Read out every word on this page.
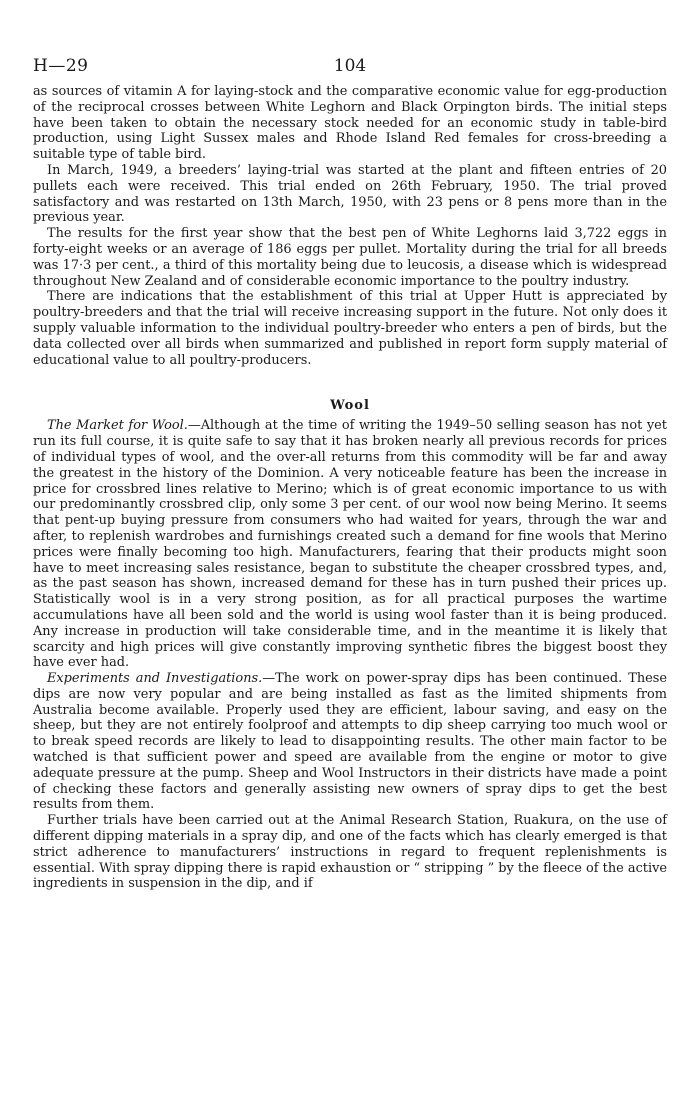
H—29	104

as sources of vitamin A for laying-stock and the comparative economic value for egg-production of the reciprocal crosses between White Leghorn and Black Orpington birds. The initial steps have been taken to obtain the necessary stock needed for an economic study in table-bird production, using Light Sussex males and Rhode Island Red females for cross-breeding a suitable type of table bird.

In March, 1949, a breeders’ laying-trial was started at the plant and fifteen entries of 20 pullets each were received. This trial ended on 26th February, 1950. The trial proved satisfactory and was restarted on 13th March, 1950, with 23 pens or 8 pens more than in the previous year.

The results for the first year show that the best pen of White Leghorns laid 3,722 eggs in forty-eight weeks or an average of 186 eggs per pullet. Mortality during the trial for all breeds was 17·3 per cent., a third of this mortality being due to leucosis, a disease which is widespread throughout New Zealand and of considerable economic importance to the poultry industry.

There are indications that the establishment of this trial at Upper Hutt is appreciated by poultry-breeders and that the trial will receive increasing support in the future. Not only does it supply valuable information to the individual poultry-breeder who enters a pen of birds, but the data collected over all birds when summarized and published in report form supply material of educational value to all poultry-producers.

Wool

The Market for Wool.—Although at the time of writing the 1949–50 selling season has not yet run its full course, it is quite safe to say that it has broken nearly all previous records for prices of individual types of wool, and the over-all returns from this commodity will be far and away the greatest in the history of the Dominion. A very noticeable feature has been the increase in price for crossbred lines relative to Merino; which is of great economic importance to us with our predominantly crossbred clip, only some 3 per cent. of our wool now being Merino. It seems that pent-up buying pressure from consumers who had waited for years, through the war and after, to replenish wardrobes and furnishings created such a demand for fine wools that Merino prices were finally becoming too high. Manufacturers, fearing that their products might soon have to meet increasing sales resistance, began to substitute the cheaper crossbred types, and, as the past season has shown, increased demand for these has in turn pushed their prices up. Statistically wool is in a very strong position, as for all practical purposes the wartime accumulations have all been sold and the world is using wool faster than it is being produced. Any increase in production will take considerable time, and in the meantime it is likely that scarcity and high prices will give constantly improving synthetic fibres the biggest boost they have ever had.

Experiments and Investigations.—The work on power-spray dips has been continued. These dips are now very popular and are being installed as fast as the limited shipments from Australia become available. Properly used they are efficient, labour saving, and easy on the sheep, but they are not entirely foolproof and attempts to dip sheep carrying too much wool or to break speed records are likely to lead to disappointing results. The other main factor to be watched is that sufficient power and speed are available from the engine or motor to give adequate pressure at the pump. Sheep and Wool Instructors in their districts have made a point of checking these factors and generally assisting new owners of spray dips to get the best results from them.

Further trials have been carried out at the Animal Research Station, Ruakura, on the use of different dipping materials in a spray dip, and one of the facts which has clearly emerged is that strict adherence to manufacturers’ instructions in regard to frequent replenishments is essential. With spray dipping there is rapid exhaustion or “ stripping ” by the fleece of the active ingredients in suspension in the dip, and if
